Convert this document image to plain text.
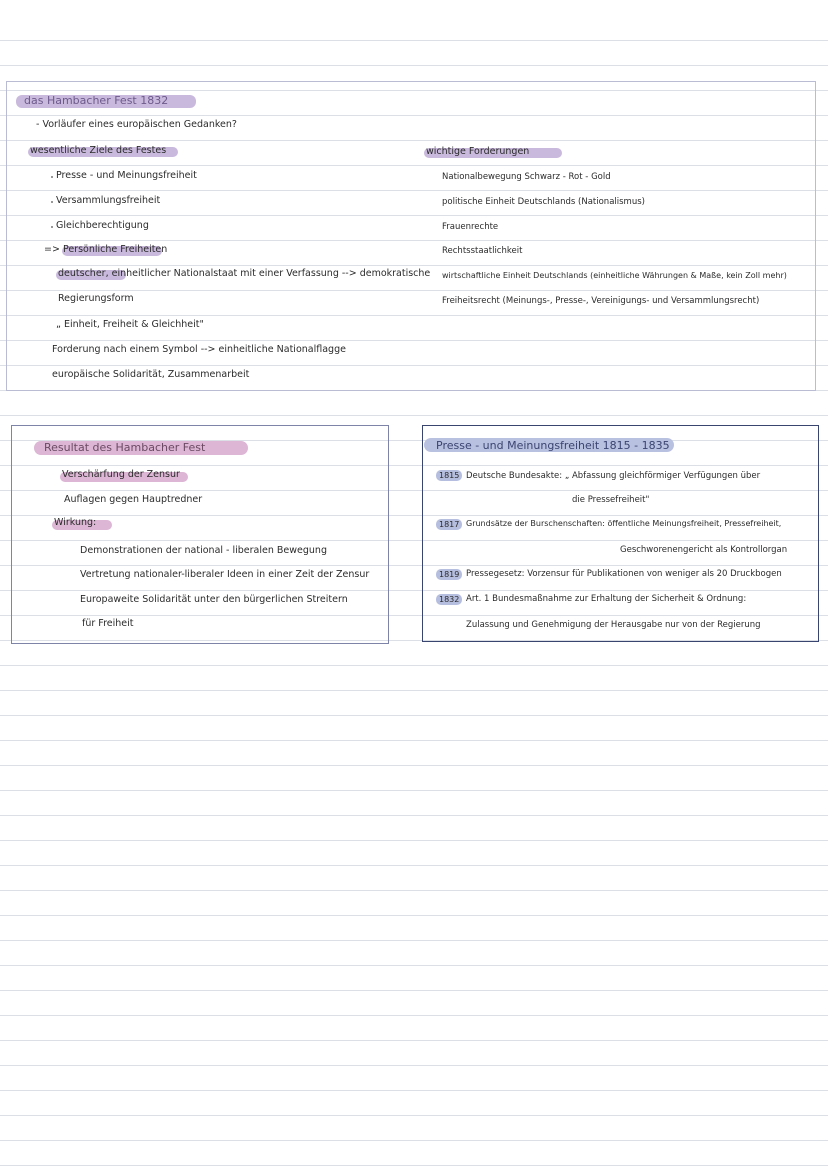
das Hambacher Fest 1832
- Vorläufer eines europäischen Gedanken?
wesentliche Ziele des Festes
Presse - und Meinungsfreiheit
Versammlungsfreiheit
Gleichberechtigung
=> Persönliche Freiheiten
deutscher, einheitlicher Nationalstaat mit einer Verfassung --> demokratische
Regierungsform
„ Einheit, Freiheit & Gleichheit"
Forderung nach einem Symbol --> einheitliche Nationalflagge
europäische Solidarität, Zusammenarbeit
wichtige Forderungen
Nationalbewegung Schwarz - Rot - Gold
politische Einheit Deutschlands (Nationalismus)
Frauenrechte
Rechtsstaatlichkeit
wirtschaftliche Einheit Deutschlands (einheitliche Währungen & Maße, kein Zoll mehr)
Freiheitsrecht (Meinungs-, Presse-, Vereinigungs- und Versammlungsrecht)
Resultat des Hambacher Fest
Verschärfung der Zensur
Auflagen gegen Hauptredner
Wirkung:
Demonstrationen der national - liberalen Bewegung
Vertretung nationaler-liberaler Ideen in einer Zeit der Zensur
Europaweite Solidarität unter den bürgerlichen Streitern
für Freiheit
Presse - und Meinungsfreiheit 1815 - 1835
1815 Deutsche Bundesakte: „ Abfassung gleichförmiger Verfügungen über
die Pressefreiheit"
1817 Grundsätze der Burschenschaften: öffentliche Meinungsfreiheit, Pressefreiheit,
Geschworenengericht als Kontrollorgan
1819 Pressegesetz: Vorzensur für Publikationen von weniger als 20 Druckbogen
1832 Art. 1 Bundesmaßnahme zur Erhaltung der Sicherheit & Ordnung:
Zulassung und Genehmigung der Herausgabe nur von der Regierung
